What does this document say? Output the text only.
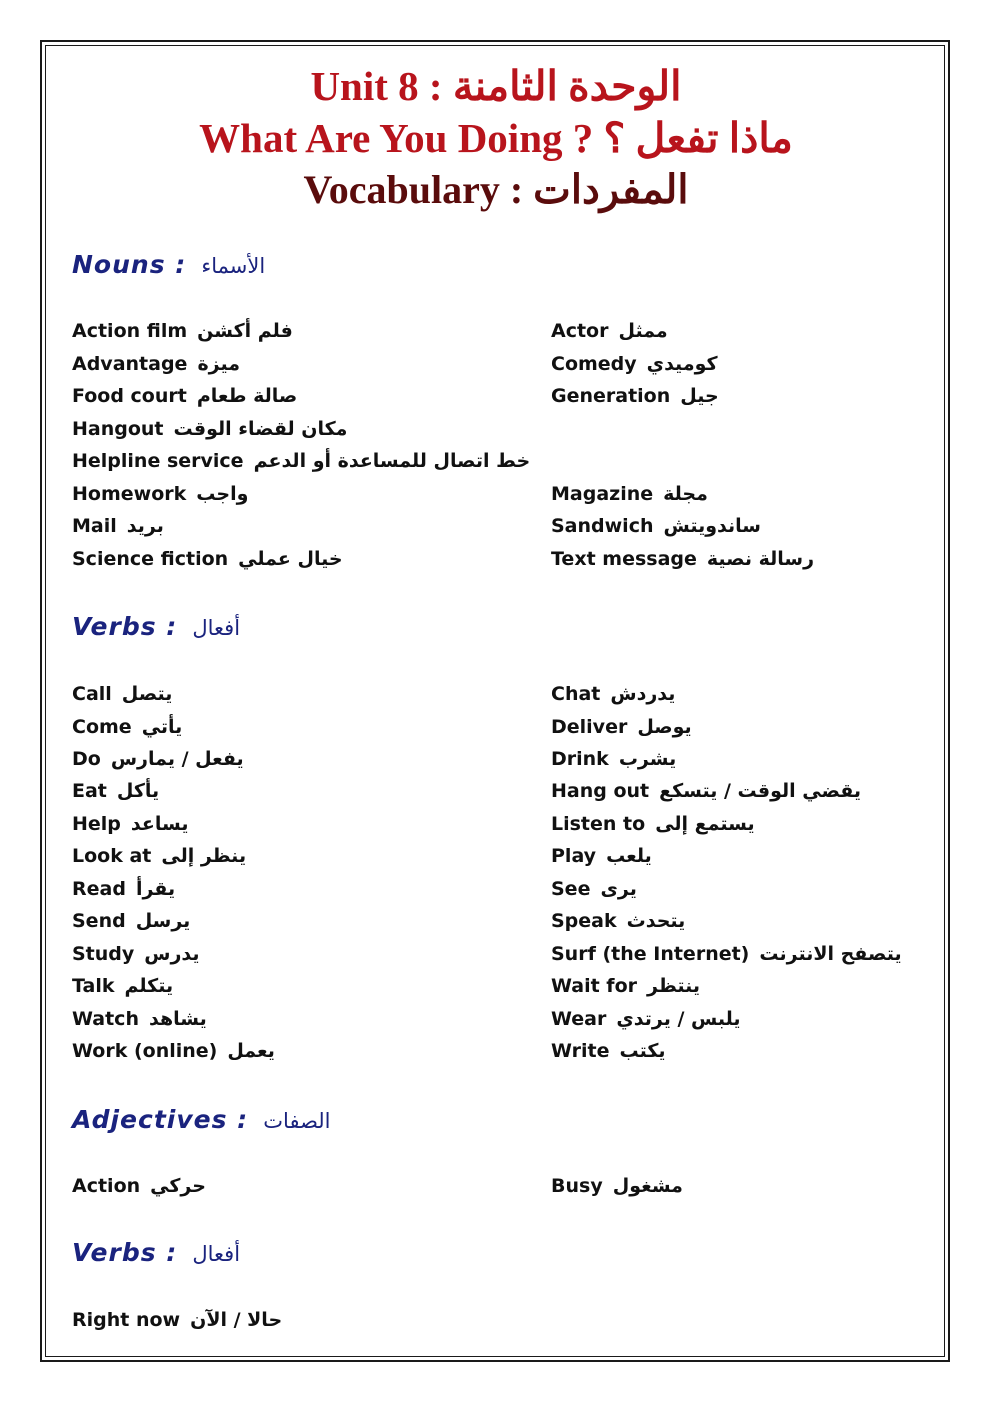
Unit 8 : الوحدة الثامنة
What Are You Doing ? ماذا تفعل ؟
Vocabulary : المفردات
Nouns : الأسماء
Action film فلم أكشن
Advantage ميزة
Food court صالة طعام
Hangout مكان لقضاء الوقت
Helpline service خط اتصال للمساعدة أو الدعم
Homework واجب
Mail بريد
Science fiction خيال عملي
Actor ممثل
Comedy كوميدي
Generation جيل
Magazine مجلة
Sandwich ساندويتش
Text message رسالة نصية
Verbs : أفعال
Call يتصل
Come يأتي
Do يفعل / يمارس
Eat يأكل
Help يساعد
Look at ينظر إلى
Read يقرأ
Send يرسل
Study يدرس
Talk يتكلم
Watch يشاهد
Work (online) يعمل
Chat يدردش
Deliver يوصل
Drink يشرب
Hang out يقضي الوقت / يتسكع
Listen to يستمع إلى
Play يلعب
See يرى
Speak يتحدث
Surf (the Internet) يتصفح الانترنت
Wait for ينتظر
Wear يلبس / يرتدي
Write يكتب
Adjectives : الصفات
Action حركي	Busy مشغول
Verbs : أفعال
Right now حالا / الآن
